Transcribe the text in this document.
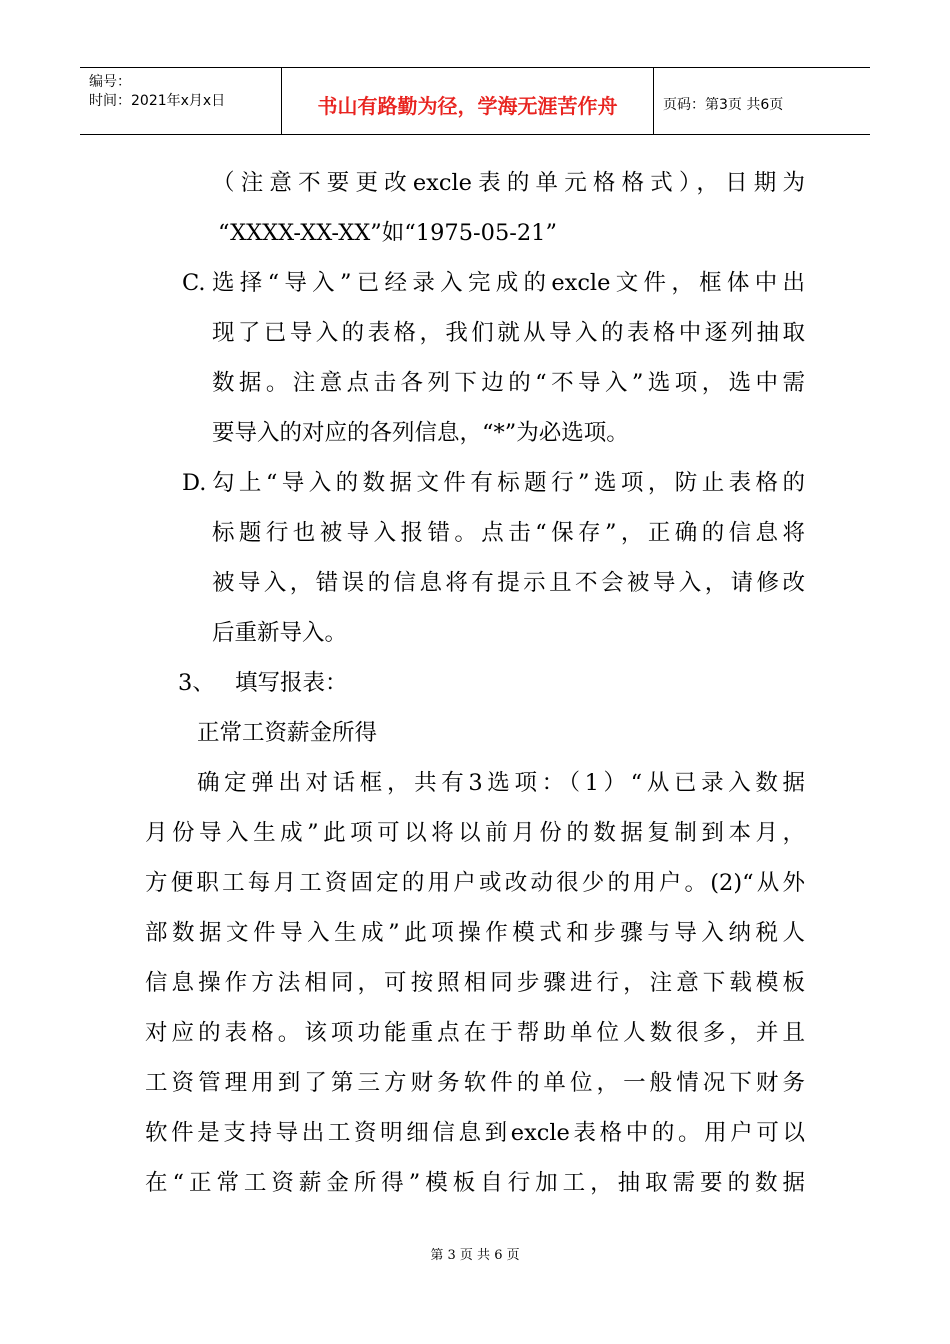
编号：
时间：2021年x月x日	书山有路勤为径，学海无涯苦作舟	页码：第3页 共6页
（注意不要更改excle表的单元格格式），日期为
“XXXX-XX-XX”如“1975-05-21”
C. 选择“导入”已经录入完成的excle文件，框体中出
现了已导入的表格，我们就从导入的表格中逐列抽取
数据。注意点击各列下边的“不导入”选项，选中需
要导入的对应的各列信息，“*”为必选项。
D. 勾上“导入的数据文件有标题行”选项，防止表格的
标题行也被导入报错。点击“保存”，正确的信息将
被导入，错误的信息将有提示且不会被导入，请修改
后重新导入。
3、 填写报表：
正常工资薪金所得
确定弹出对话框，共有3选项：（1）“从已录入数据
月份导入生成”此项可以将以前月份的数据复制到本月，
方便职工每月工资固定的用户或改动很少的用户。(2)“从外
部数据文件导入生成”此项操作模式和步骤与导入纳税人
信息操作方法相同，可按照相同步骤进行，注意下载模板
对应的表格。该项功能重点在于帮助单位人数很多，并且
工资管理用到了第三方财务软件的单位，一般情况下财务
软件是支持导出工资明细信息到excle表格中的。用户可以
在“正常工资薪金所得”模板自行加工，抽取需要的数据
第 3 页 共 6 页
